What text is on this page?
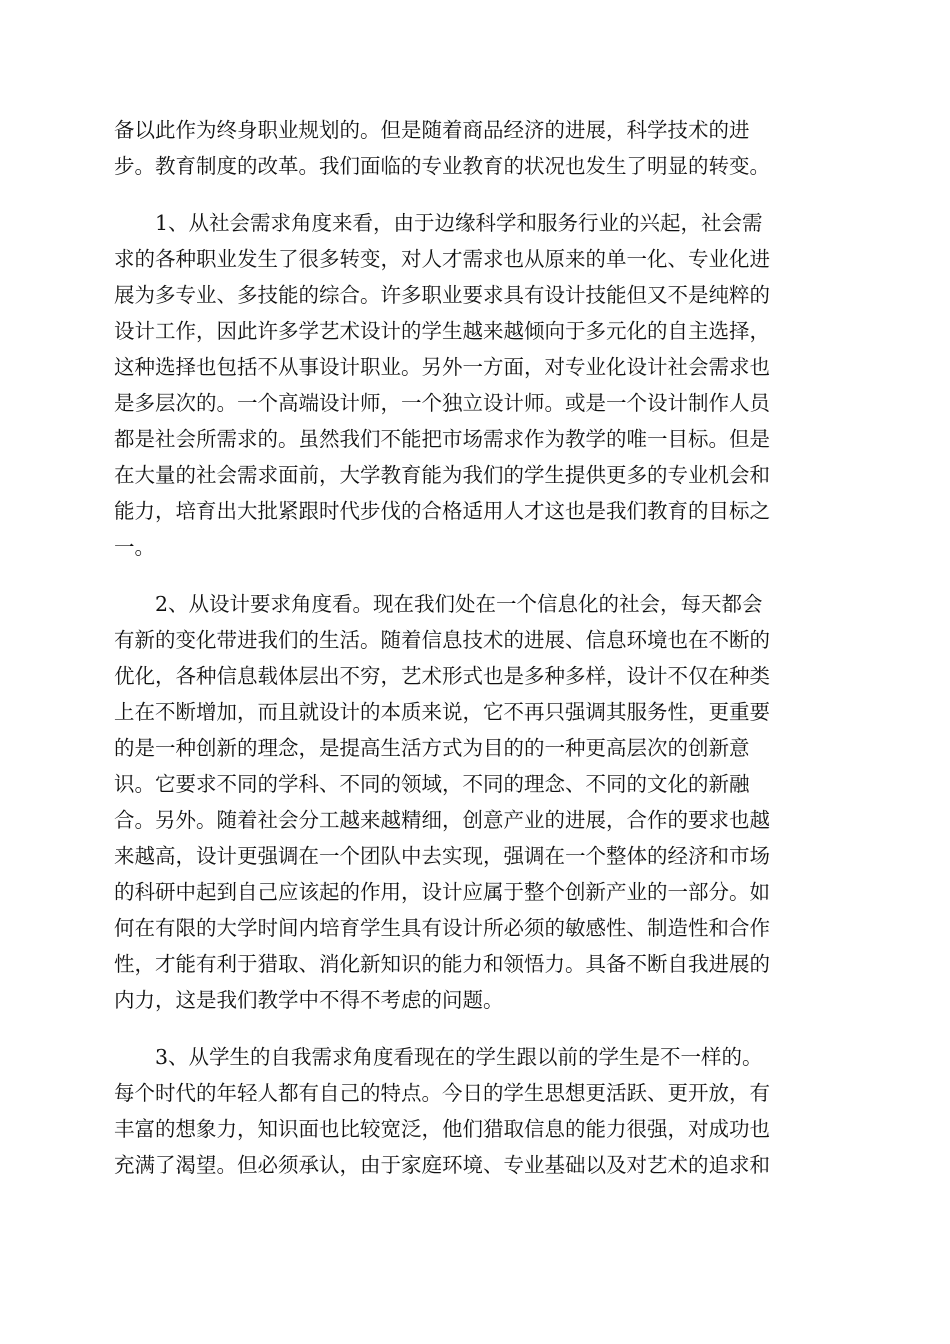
备以此作为终身职业规划的。但是随着商品经济的进展，科学技术的进
步。教育制度的改革。我们面临的专业教育的状况也发生了明显的转变。

1、从社会需求角度来看，由于边缘科学和服务行业的兴起，社会需
求的各种职业发生了很多转变，对人才需求也从原来的单一化、专业化进
展为多专业、多技能的综合。许多职业要求具有设计技能但又不是纯粹的
设计工作，因此许多学艺术设计的学生越来越倾向于多元化的自主选择，
这种选择也包括不从事设计职业。另外一方面，对专业化设计社会需求也
是多层次的。一个高端设计师，一个独立设计师。或是一个设计制作人员
都是社会所需求的。虽然我们不能把市场需求作为教学的唯一目标。但是
在大量的社会需求面前，大学教育能为我们的学生提供更多的专业机会和
能力，培育出大批紧跟时代步伐的合格适用人才这也是我们教育的目标之
一。

2、从设计要求角度看。现在我们处在一个信息化的社会，每天都会
有新的变化带进我们的生活。随着信息技术的进展、信息环境也在不断的
优化，各种信息载体层出不穷，艺术形式也是多种多样，设计不仅在种类
上在不断增加，而且就设计的本质来说，它不再只强调其服务性，更重要
的是一种创新的理念，是提高生活方式为目的的一种更高层次的创新意
识。它要求不同的学科、不同的领域，不同的理念、不同的文化的新融
合。另外。随着社会分工越来越精细，创意产业的进展，合作的要求也越
来越高，设计更强调在一个团队中去实现，强调在一个整体的经济和市场
的科研中起到自己应该起的作用，设计应属于整个创新产业的一部分。如
何在有限的大学时间内培育学生具有设计所必须的敏感性、制造性和合作
性，才能有利于猎取、消化新知识的能力和领悟力。具备不断自我进展的
内力，这是我们教学中不得不考虑的问题。

3、从学生的自我需求角度看现在的学生跟以前的学生是不一样的。
每个时代的年轻人都有自己的特点。今日的学生思想更活跃、更开放，有
丰富的想象力，知识面也比较宽泛，他们猎取信息的能力很强，对成功也
充满了渴望。但必须承认，由于家庭环境、专业基础以及对艺术的追求和
